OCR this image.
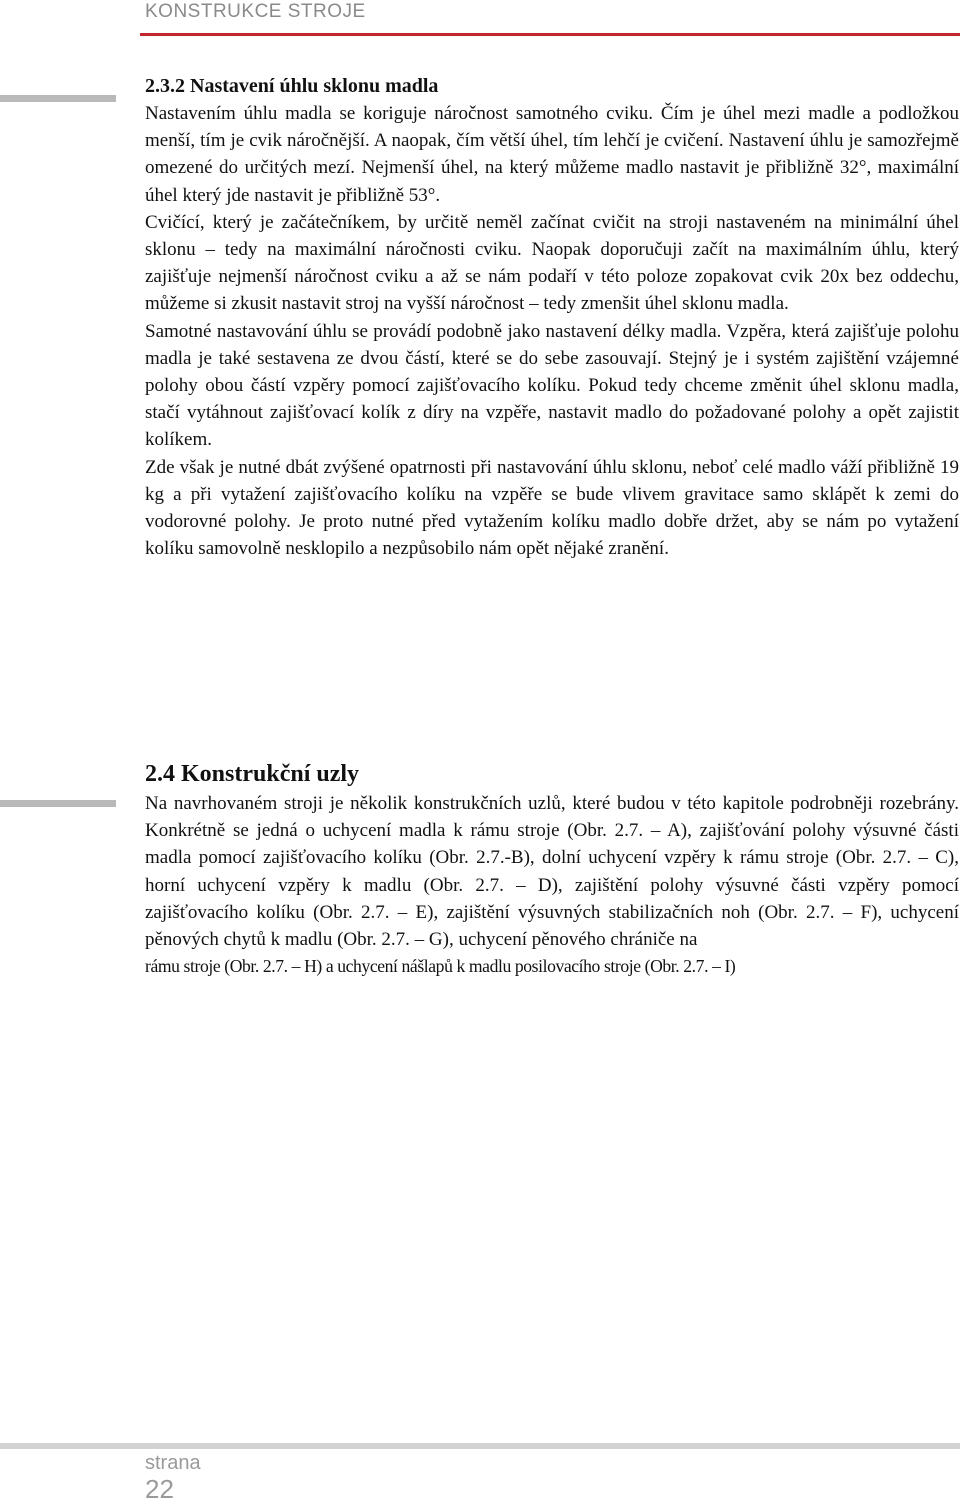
KONSTRUKCE STROJE
2.3.2 Nastavení úhlu sklonu madla

Nastavením úhlu madla se koriguje náročnost samotného cviku. Čím je úhel mezi madle a podložkou menší, tím je cvik náročnější. A naopak, čím větší úhel, tím lehčí je cvičení. Nastavení úhlu je samozřejmě omezené do určitých mezí. Nejmenší úhel, na který můžeme madlo nastavit je přibližně 32°, maximální úhel který jde nastavit je přibližně 53°.

Cvičící, který je začátečníkem, by určitě neměl začínat cvičit na stroji nastaveném na minimální úhel sklonu – tedy na maximální náročnosti cviku. Naopak doporučuji začít na maximálním úhlu, který zajišťuje nejmenší náročnost cviku a až se nám podaří v této poloze zopakovat cvik 20x bez oddechu, můžeme si zkusit nastavit stroj na vyšší náročnost – tedy zmenšit úhel sklonu madla.

Samotné nastavování úhlu se provádí podobně jako nastavení délky madla. Vzpěra, která zajišťuje polohu madla je také sestavena ze dvou částí, které se do sebe zasouvají. Stejný je i systém zajištění vzájemné polohy obou částí vzpěry pomocí zajišťovacího kolíku. Pokud tedy chceme změnit úhel sklonu madla, stačí vytáhnout zajišťovací kolík z díry na vzpěře, nastavit madlo do požadované polohy a opět zajistit kolíkem.

Zde však je nutné dbát zvýšené opatrnosti při nastavování úhlu sklonu, neboť celé madlo váží přibližně 19 kg a při vytažení zajišťovacího kolíku na vzpěře se bude vlivem gravitace samo sklápět k zemi do vodorovné polohy. Je proto nutné před vytažením kolíku madlo dobře držet, aby se nám po vytažení kolíku samovolně nesklopilo a nezpůsobilo nám opět nějaké zranění.

2.4 Konstrukční uzly

Na navrhovaném stroji je několik konstrukčních uzlů, které budou v této kapitole podrobněji rozebrány. Konkrétně se jedná o uchycení madla k rámu stroje (Obr. 2.7. – A), zajišťování polohy výsuvné části madla pomocí zajišťovacího kolíku (Obr. 2.7.-B), dolní uchycení vzpěry k rámu stroje (Obr. 2.7. – C), horní uchycení vzpěry k madlu (Obr. 2.7. – D), zajištění polohy výsuvné části vzpěry pomocí zajišťovacího kolíku (Obr. 2.7. – E), zajištění výsuvných stabilizačních noh (Obr. 2.7. – F), uchycení pěnových chytů k madlu (Obr. 2.7. – G), uchycení pěnového chrániče na

rámu stroje (Obr. 2.7. – H) a uchycení nášlapů k madlu posilovacího stroje (Obr. 2.7. – I)

strana
22
